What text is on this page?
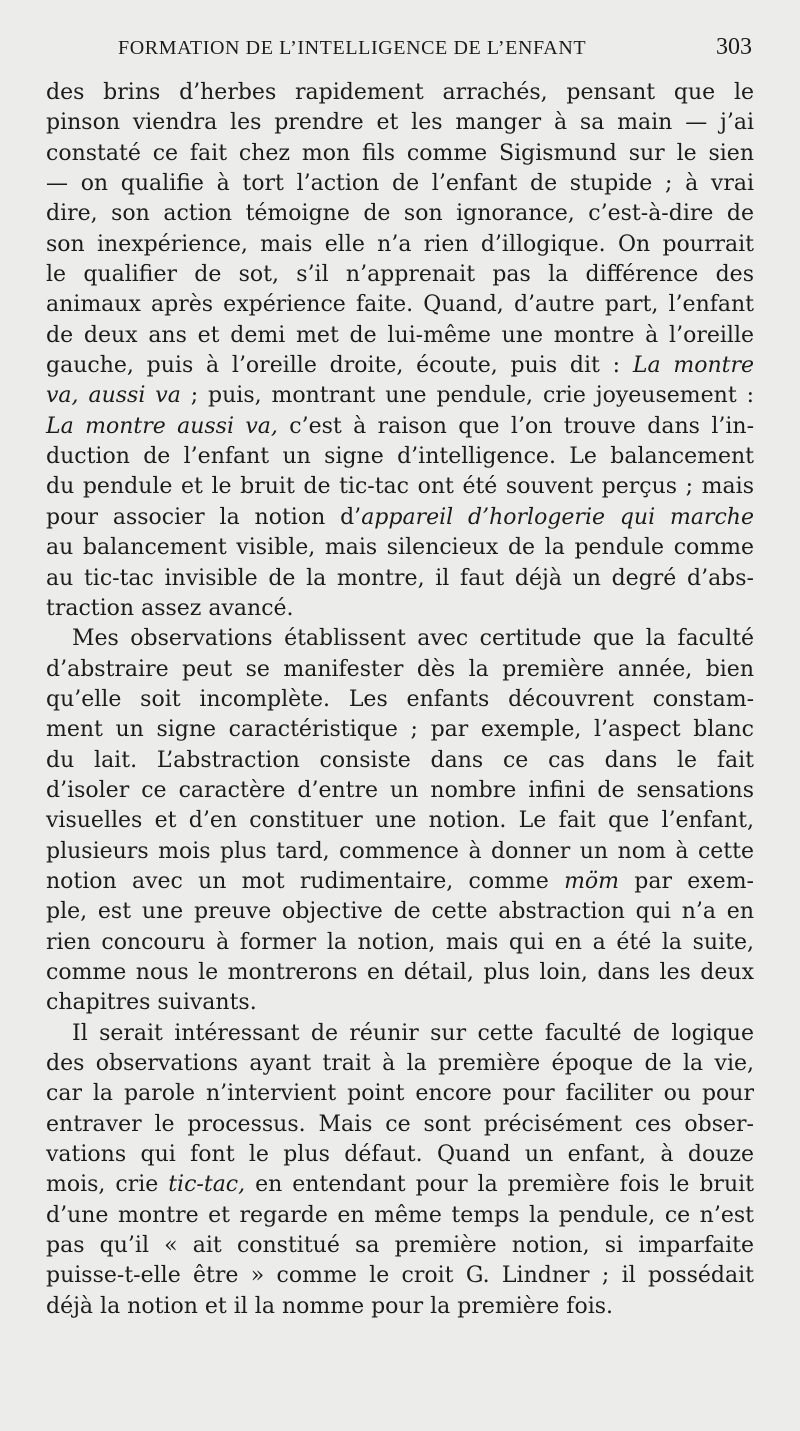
FORMATION DE L’INTELLIGENCE DE L’ENFANT	303
des brins d’herbes rapidement arrachés, pensant que le
pinson viendra les prendre et les manger à sa main — j’ai
constaté ce fait chez mon fils comme Sigismund sur le sien
— on qualifie à tort l’action de l’enfant de stupide ; à vrai
dire, son action témoigne de son ignorance, c’est-à-dire de
son inexpérience, mais elle n’a rien d’illogique. On pourrait
le qualifier de sot, s’il n’apprenait pas la différence des
animaux après expérience faite. Quand, d’autre part, l’enfant
de deux ans et demi met de lui-même une montre à l’oreille
gauche, puis à l’oreille droite, écoute, puis dit : La montre
va, aussi va ; puis, montrant une pendule, crie joyeusement :
La montre aussi va, c’est à raison que l’on trouve dans l’in-
duction de l’enfant un signe d’intelligence. Le balancement
du pendule et le bruit de tic-tac ont été souvent perçus ; mais
pour associer la notion d’appareil d’horlogerie qui marche
au balancement visible, mais silencieux de la pendule comme
au tic-tac invisible de la montre, il faut déjà un degré d’abs-
traction assez avancé.
Mes observations établissent avec certitude que la faculté
d’abstraire peut se manifester dès la première année, bien
qu’elle soit incomplète. Les enfants découvrent constam-
ment un signe caractéristique ; par exemple, l’aspect blanc
du lait. L’abstraction consiste dans ce cas dans le fait
d’isoler ce caractère d’entre un nombre infini de sensations
visuelles et d’en constituer une notion. Le fait que l’enfant,
plusieurs mois plus tard, commence à donner un nom à cette
notion avec un mot rudimentaire, comme möm par exem-
ple, est une preuve objective de cette abstraction qui n’a en
rien concouru à former la notion, mais qui en a été la suite,
comme nous le montrerons en détail, plus loin, dans les deux
chapitres suivants.
Il serait intéressant de réunir sur cette faculté de logique
des observations ayant trait à la première époque de la vie,
car la parole n’intervient point encore pour faciliter ou pour
entraver le processus. Mais ce sont précisément ces obser-
vations qui font le plus défaut. Quand un enfant, à douze
mois, crie tic-tac, en entendant pour la première fois le bruit
d’une montre et regarde en même temps la pendule, ce n’est
pas qu’il « ait constitué sa première notion, si imparfaite
puisse-t-elle être » comme le croit G. Lindner ; il possédait
déjà la notion et il la nomme pour la première fois.
